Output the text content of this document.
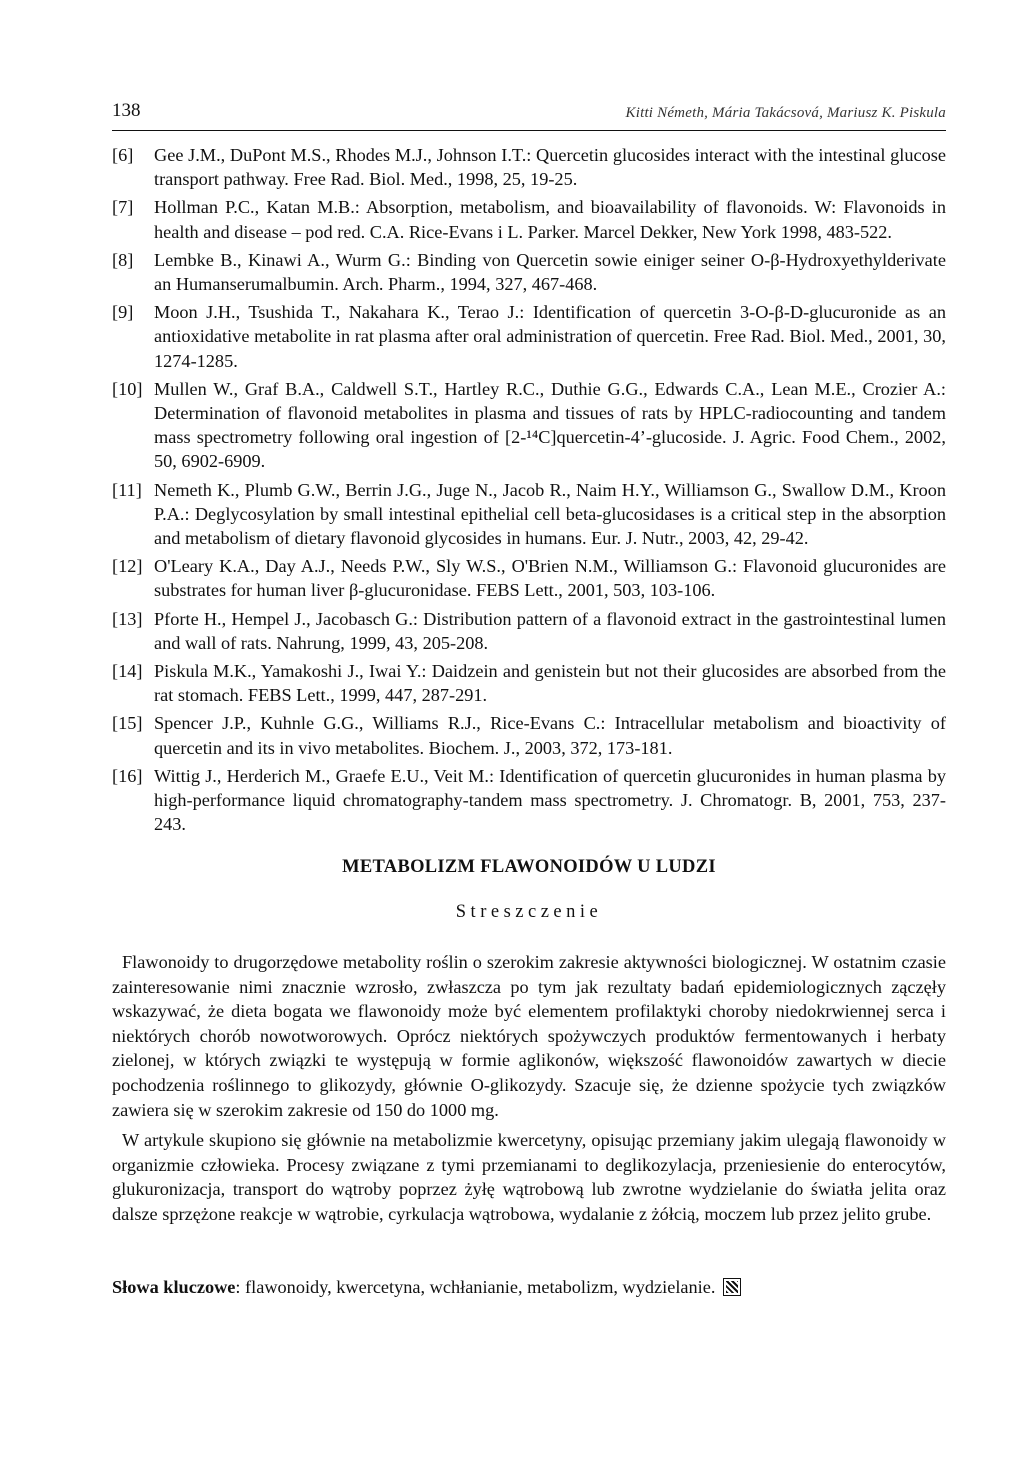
138	Kitti Németh, Mária Takácsová, Mariusz K. Piskula
[6] Gee J.M., DuPont M.S., Rhodes M.J., Johnson I.T.: Quercetin glucosides interact with the intestinal glucose transport pathway. Free Rad. Biol. Med., 1998, 25, 19-25.
[7] Hollman P.C., Katan M.B.: Absorption, metabolism, and bioavailability of flavonoids. W: Flavonoids in health and disease – pod red. C.A. Rice-Evans i L. Parker. Marcel Dekker, New York 1998, 483-522.
[8] Lembke B., Kinawi A., Wurm G.: Binding von Quercetin sowie einiger seiner O-β-Hydroxyethylderivate an Humanserumalbumin. Arch. Pharm., 1994, 327, 467-468.
[9] Moon J.H., Tsushida T., Nakahara K., Terao J.: Identification of quercetin 3-O-β-D-glucuronide as an antioxidative metabolite in rat plasma after oral administration of quercetin. Free Rad. Biol. Med., 2001, 30, 1274-1285.
[10] Mullen W., Graf B.A., Caldwell S.T., Hartley R.C., Duthie G.G., Edwards C.A., Lean M.E., Crozier A.: Determination of flavonoid metabolites in plasma and tissues of rats by HPLC-radiocounting and tandem mass spectrometry following oral ingestion of [2-¹⁴C]quercetin-4’-glucoside. J. Agric. Food Chem., 2002, 50, 6902-6909.
[11] Nemeth K., Plumb G.W., Berrin J.G., Juge N., Jacob R., Naim H.Y., Williamson G., Swallow D.M., Kroon P.A.: Deglycosylation by small intestinal epithelial cell beta-glucosidases is a critical step in the absorption and metabolism of dietary flavonoid glycosides in humans. Eur. J. Nutr., 2003, 42, 29-42.
[12] O'Leary K.A., Day A.J., Needs P.W., Sly W.S., O'Brien N.M., Williamson G.: Flavonoid glucuronides are substrates for human liver β-glucuronidase. FEBS Lett., 2001, 503, 103-106.
[13] Pforte H., Hempel J., Jacobasch G.: Distribution pattern of a flavonoid extract in the gastrointestinal lumen and wall of rats. Nahrung, 1999, 43, 205-208.
[14] Piskula M.K., Yamakoshi J., Iwai Y.: Daidzein and genistein but not their glucosides are absorbed from the rat stomach. FEBS Lett., 1999, 447, 287-291.
[15] Spencer J.P., Kuhnle G.G., Williams R.J., Rice-Evans C.: Intracellular metabolism and bioactivity of quercetin and its in vivo metabolites. Biochem. J., 2003, 372, 173-181.
[16] Wittig J., Herderich M., Graefe E.U., Veit M.: Identification of quercetin glucuronides in human plasma by high-performance liquid chromatography-tandem mass spectrometry. J. Chromatogr. B, 2001, 753, 237-243.
METABOLIZM FLAWONOIDÓW U LUDZI
Streszczenie

Flawonoidy to drugorzędowe metabolity roślin o szerokim zakresie aktywności biologicznej. W ostatnim czasie zainteresowanie nimi znacznie wzrosło, zwłaszcza po tym jak rezultaty badań epidemiologicznych zączęły wskazywać, że dieta bogata we flawonoidy może być elementem profilaktyki choroby niedokrwiennej serca i niektórych chorób nowotworowych. Oprócz niektórych spożywczych produktów fermentowanych i herbaty zielonej, w których związki te występują w formie aglikonów, większość flawonoidów zawartych w diecie pochodzenia roślinnego to glikozydy, głównie O-glikozydy. Szacuje się, że dzienne spożycie tych związków zawiera się w szerokim zakresie od 150 do 1000 mg.

W artykule skupiono się głównie na metabolizmie kwercetyny, opisując przemiany jakim ulegają flawonoidy w organizmie człowieka. Procesy związane z tymi przemianami to deglikozylacja, przeniesienie do enterocytów, glukuronizacja, transport do wątroby poprzez żyłę wątrobową lub zwrotne wydzielanie do światła jelita oraz dalsze sprzężone reakcje w wątrobie, cyrkulacja wątrobowa, wydalanie z żółcią, moczem lub przez jelito grube.

Słowa kluczowe: flawonoidy, kwercetyna, wchłanianie, metabolizm, wydzielanie.
